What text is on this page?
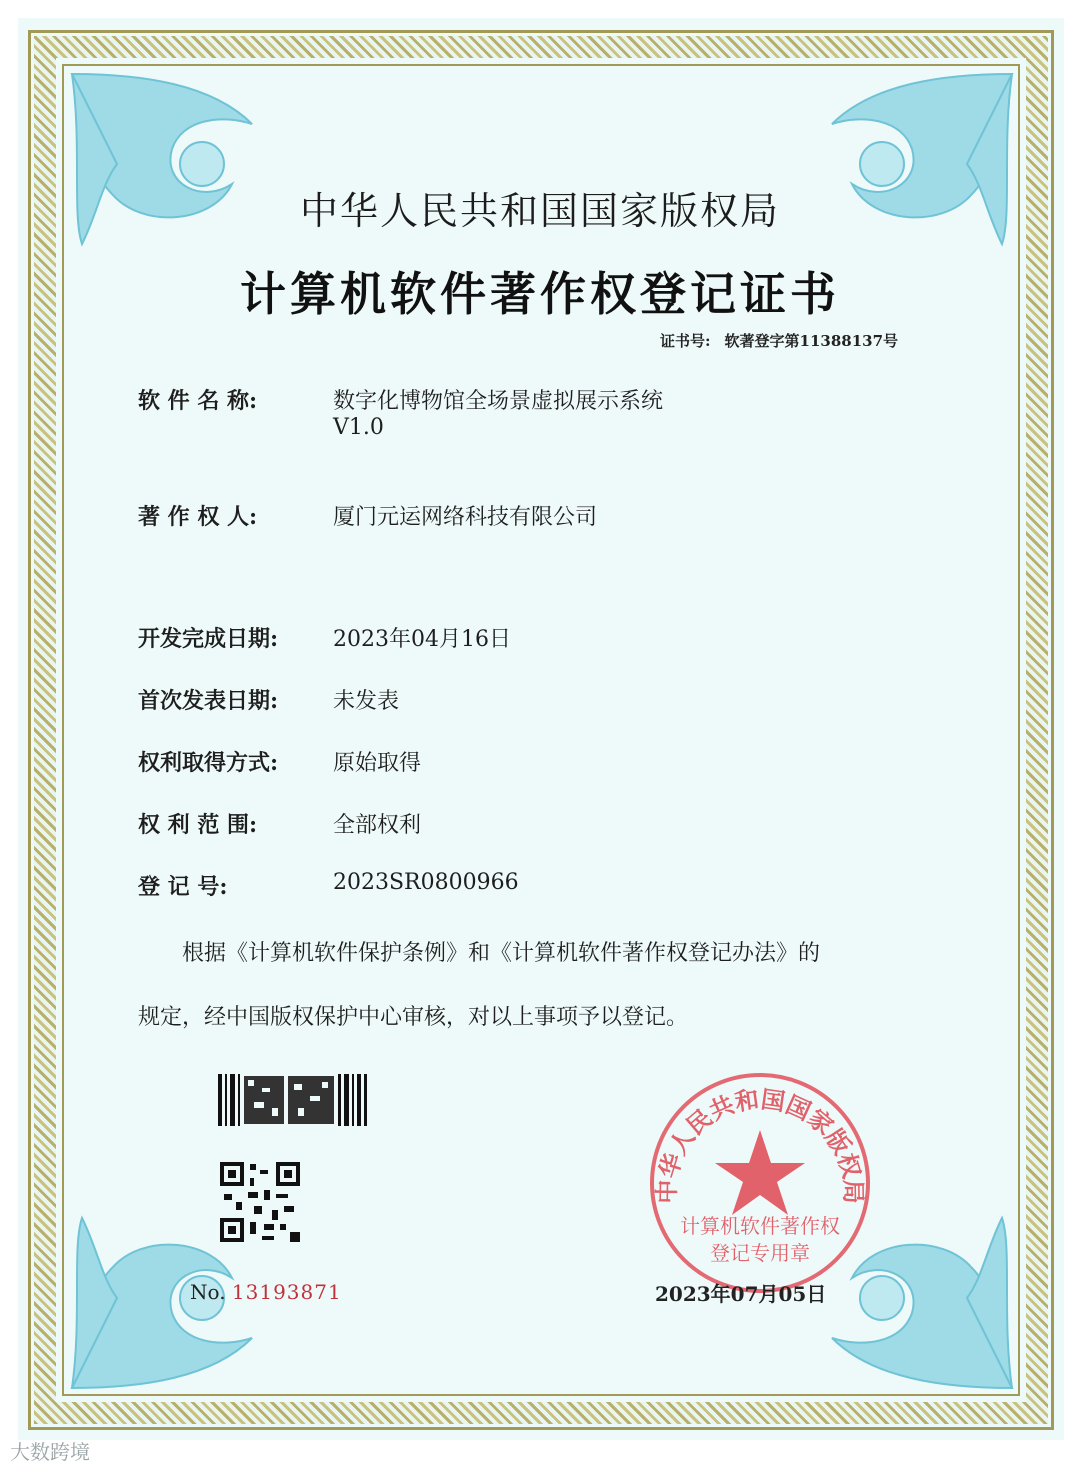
中华人民共和国国家版权局
计算机软件著作权登记证书
证书号: 软著登字第11388137号
软 件 名 称:	数字化博物馆全场景虚拟展示系统
V1.0
著 作 权 人:	厦门元运网络科技有限公司
开发完成日期: 2023年04月16日
首次发表日期: 未发表
权利取得方式: 原始取得
权 利 范 围:	全部权利
登 记 号:	2023SR0800966
根据《计算机软件保护条例》和《计算机软件著作权登记办法》的
规定，经中国版权保护中心审核，对以上事项予以登记。
No. 13193871
中华人民共和国国家版权局
计算机软件著作权
登记专用章
2023年07月05日
大数跨境
